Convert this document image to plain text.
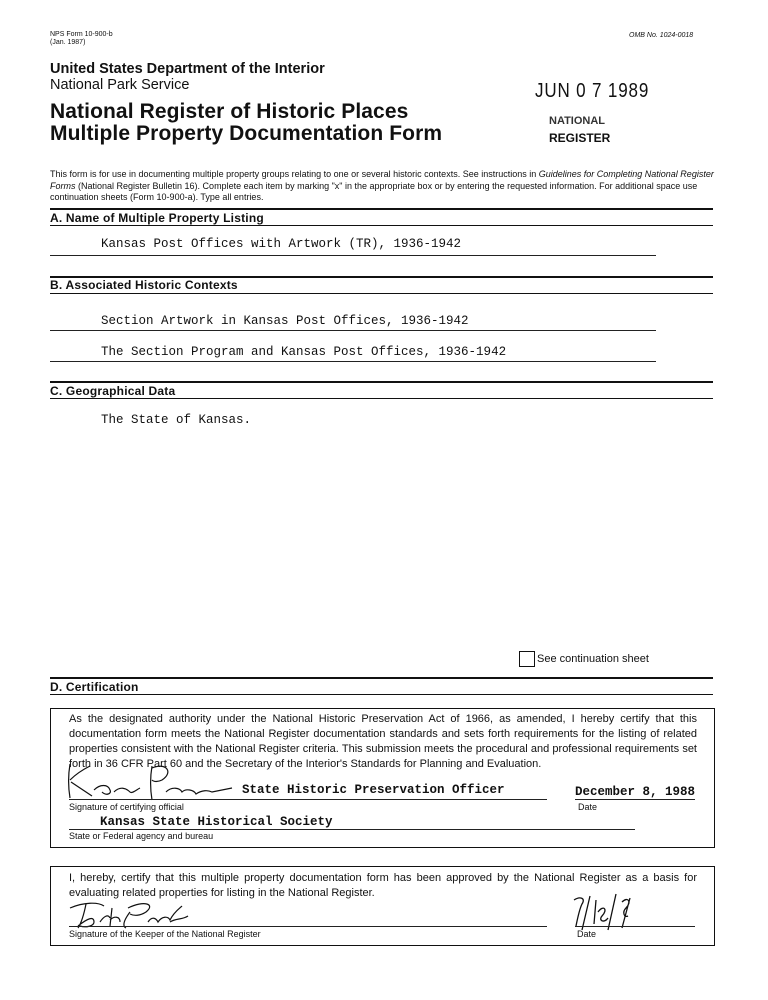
NPS Form 10-900-b
(Jan. 1987)
OMB No. 1024-0018
United States Department of the Interior
National Park Service
National Register of Historic Places
Multiple Property Documentation Form
JUN 0 7 1989
NATIONAL
REGISTER
This form is for use in documenting multiple property groups relating to one or several historic contexts. See instructions in Guidelines for Completing National Register Forms (National Register Bulletin 16). Complete each item by marking "x" in the appropriate box or by entering the requested information. For additional space use continuation sheets (Form 10-900-a). Type all entries.
A. Name of Multiple Property Listing
Kansas Post Offices with Artwork (TR), 1936-1942
B. Associated Historic Contexts
Section Artwork in Kansas Post Offices, 1936-1942
The Section Program and Kansas Post Offices, 1936-1942
C. Geographical Data
The State of Kansas.
See continuation sheet
D. Certification
As the designated authority under the National Historic Preservation Act of 1966, as amended, I hereby certify that this documentation form meets the National Register documentation standards and sets forth requirements for the listing of related properties consistent with the National Register criteria. This submission meets the procedural and professional requirements set forth in 36 CFR Part 60 and the Secretary of the Interior's Standards for Planning and Evaluation.
State Historic Preservation Officer	December 8, 1988
Signature of certifying official	Date
Kansas State Historical Society
State or Federal agency and bureau
I, hereby, certify that this multiple property documentation form has been approved by the National Register as a basis for evaluating related properties for listing in the National Register.
Signature of the Keeper of the National Register	Date
